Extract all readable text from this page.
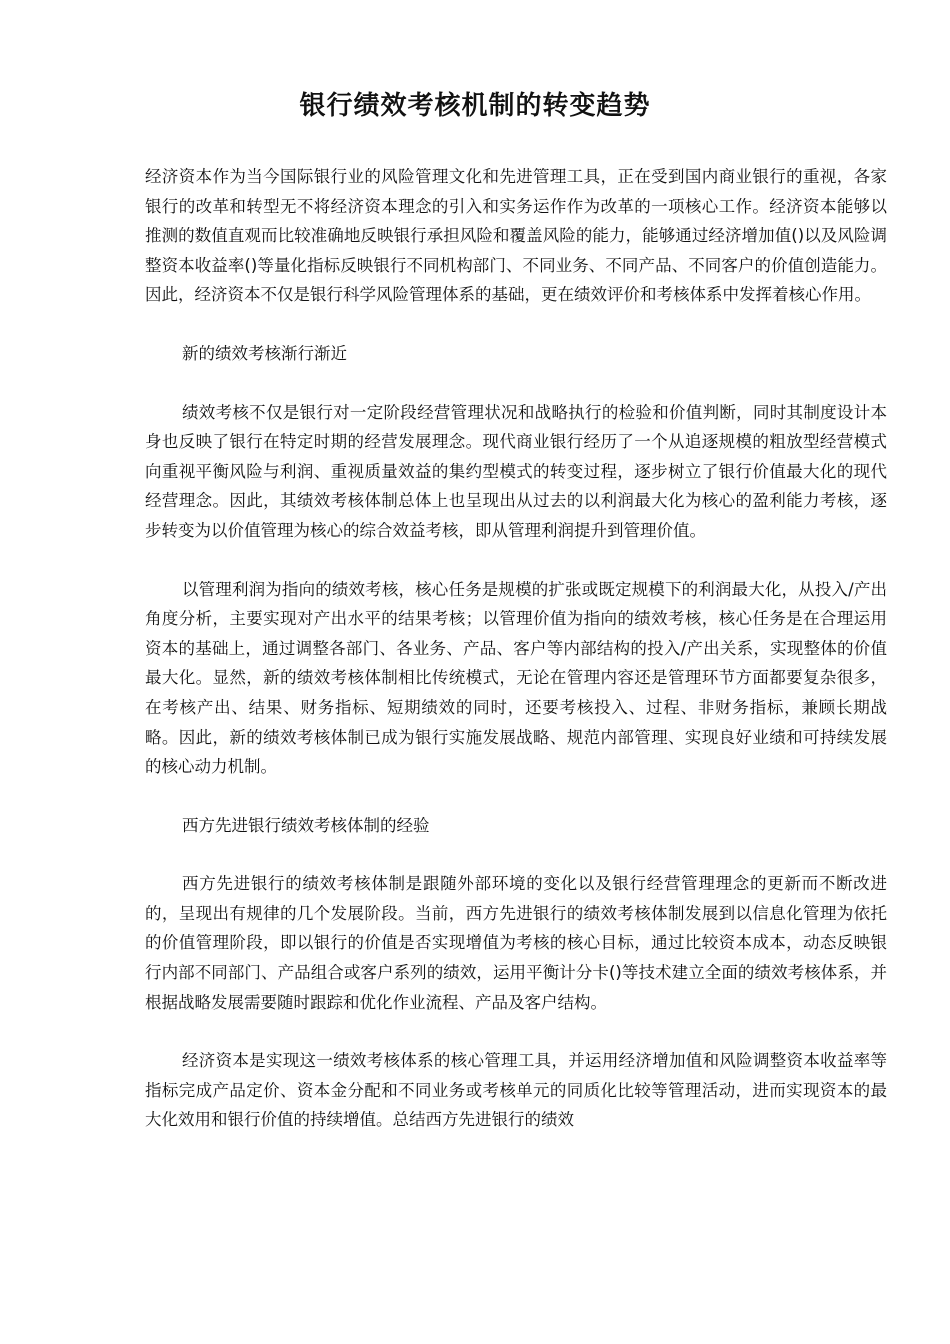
银行绩效考核机制的转变趋势

经济资本作为当今国际银行业的风险管理文化和先进管理工具，正在受到国内商业银行的重视，各家银行的改革和转型无不将经济资本理念的引入和实务运作作为改革的一项核心工作。经济资本能够以推测的数值直观而比较准确地反映银行承担风险和覆盖风险的能力，能够通过经济增加值()以及风险调整资本收益率()等量化指标反映银行不同机构部门、不同业务、不同产品、不同客户的价值创造能力。因此，经济资本不仅是银行科学风险管理体系的基础，更在绩效评价和考核体系中发挥着核心作用。

新的绩效考核渐行渐近

绩效考核不仅是银行对一定阶段经营管理状况和战略执行的检验和价值判断，同时其制度设计本身也反映了银行在特定时期的经营发展理念。现代商业银行经历了一个从追逐规模的粗放型经营模式向重视平衡风险与利润、重视质量效益的集约型模式的转变过程，逐步树立了银行价值最大化的现代经营理念。因此，其绩效考核体制总体上也呈现出从过去的以利润最大化为核心的盈利能力考核，逐步转变为以价值管理为核心的综合效益考核，即从管理利润提升到管理价值。

以管理利润为指向的绩效考核，核心任务是规模的扩张或既定规模下的利润最大化，从投入/产出角度分析，主要实现对产出水平的结果考核；以管理价值为指向的绩效考核，核心任务是在合理运用资本的基础上，通过调整各部门、各业务、产品、客户等内部结构的投入/产出关系，实现整体的价值最大化。显然，新的绩效考核体制相比传统模式，无论在管理内容还是管理环节方面都要复杂很多，在考核产出、结果、财务指标、短期绩效的同时，还要考核投入、过程、非财务指标，兼顾长期战略。因此，新的绩效考核体制已成为银行实施发展战略、规范内部管理、实现良好业绩和可持续发展的核心动力机制。

西方先进银行绩效考核体制的经验

西方先进银行的绩效考核体制是跟随外部环境的变化以及银行经营管理理念的更新而不断改进的，呈现出有规律的几个发展阶段。当前，西方先进银行的绩效考核体制发展到以信息化管理为依托的价值管理阶段，即以银行的价值是否实现增值为考核的核心目标，通过比较资本成本，动态反映银行内部不同部门、产品组合或客户系列的绩效，运用平衡计分卡()等技术建立全面的绩效考核体系，并根据战略发展需要随时跟踪和优化作业流程、产品及客户结构。

经济资本是实现这一绩效考核体系的核心管理工具，并运用经济增加值和风险调整资本收益率等指标完成产品定价、资本金分配和不同业务或考核单元的同质化比较等管理活动，进而实现资本的最大化效用和银行价值的持续增值。总结西方先进银行的绩效
